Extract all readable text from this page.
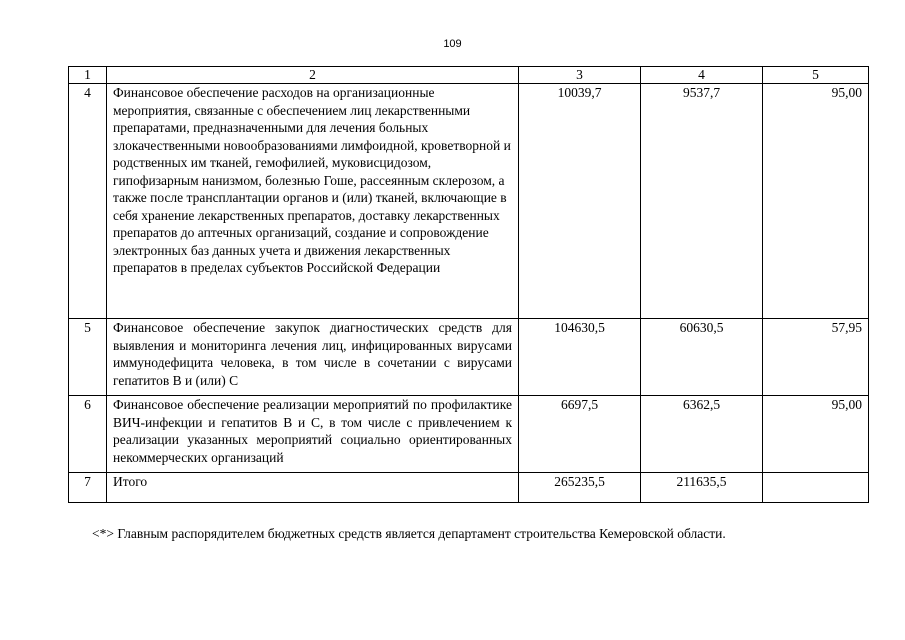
109
1	2	3	4	5
4	Финансовое обеспечение расходов на организационные мероприятия, связанные с обеспечением лиц лекарственными препаратами, предназначенными для лечения больных злокачественными новообразованиями лимфоидной, кроветворной и родственных им тканей, гемофилией, муковисцидозом, гипофизарным нанизмом, болезнью Гоше, рассеянным склерозом, а также после трансплантации органов и (или) тканей, включающие в себя хранение лекарственных препаратов, доставку лекарственных препаратов до аптечных организаций, создание и сопровождение электронных баз данных учета и движения лекарственных препаратов в пределах субъектов Российской Федерации	10039,7	9537,7	95,00
5	Финансовое обеспечение закупок диагностических средств для выявления и мониторинга лечения лиц, инфицированных вирусами иммунодефицита человека, в том числе в сочетании с вирусами гепатитов B и (или) C	104630,5	60630,5	57,95
6	Финансовое обеспечение реализации мероприятий по профилактике ВИЧ-инфекции и гепатитов B и C, в том числе с привлечением к реализации указанных мероприятий социально ориентированных некоммерческих организаций	6697,5	6362,5	95,00
7	Итого	265235,5	211635,5	
<*> Главным распорядителем бюджетных средств является департамент строительства Кемеровской области.
